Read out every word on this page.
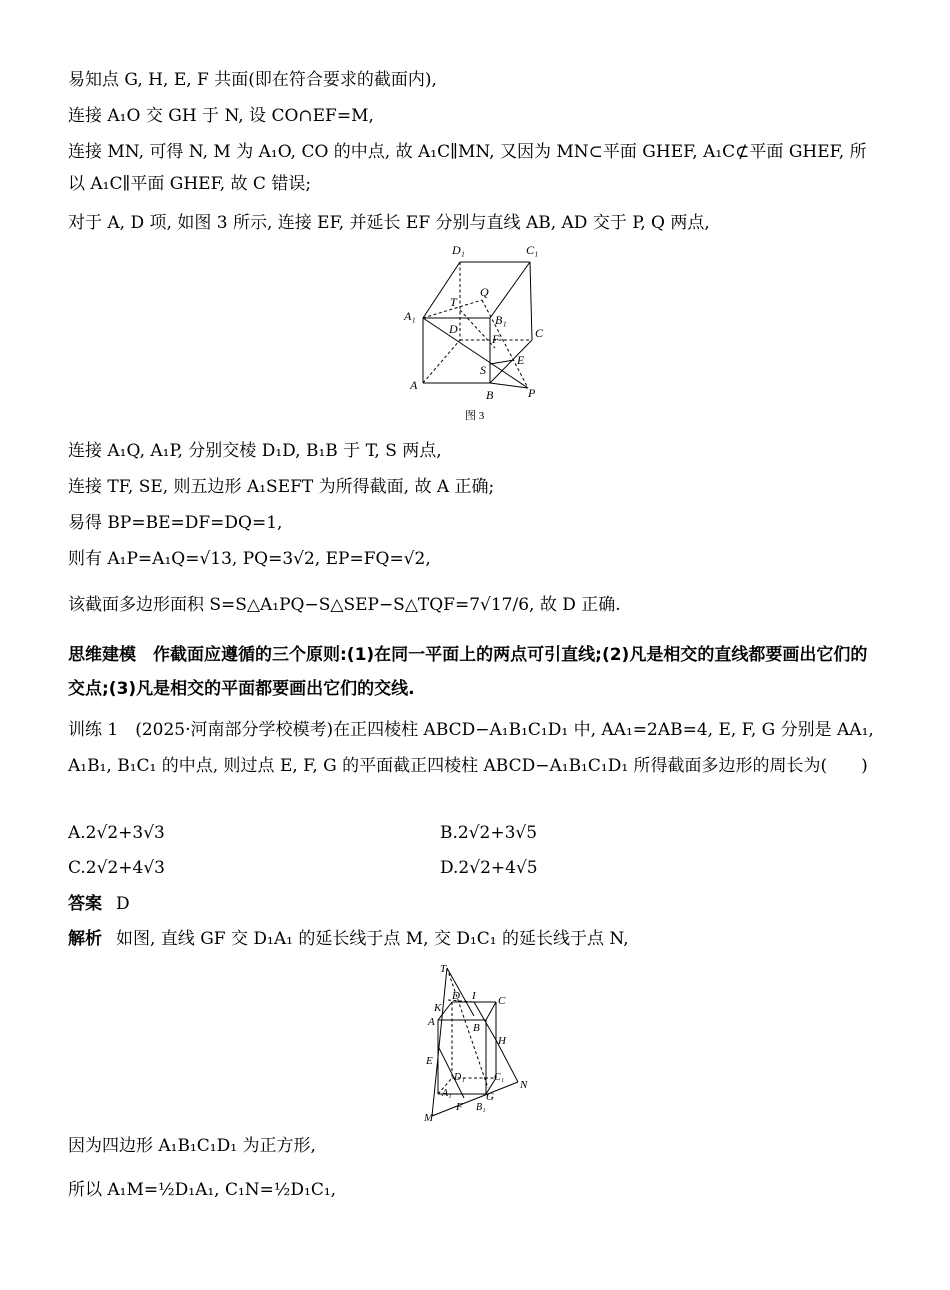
易知点 G, H, E, F 共面(即在符合要求的截面内),
连接 A₁O 交 GH 于 N, 设 CO∩EF=M,
连接 MN, 可得 N, M 为 A₁O, CO 的中点, 故 A₁C∥MN, 又因为 MN⊂平面 GHEF, A₁C⊄平面 GHEF, 所以 A₁C∥平面 GHEF, 故 C 错误;
对于 A, D 项, 如图 3 所示, 连接 EF, 并延长 EF 分别与直线 AB, AD 交于 P, Q 两点,
D₁	C₁
A₁	B₁
T
Q
D	C
F
E
S
A
B	P
图 3
连接 A₁Q, A₁P, 分别交棱 D₁D, B₁B 于 T, S 两点,
连接 TF, SE, 则五边形 A₁SEFT 为所得截面, 故 A 正确;
易得 BP=BE=DF=DQ=1,
则有 A₁P=A₁Q=√13, PQ=3√2, EP=FQ=√2,
该截面多边形面积 S=S△A₁PQ−S△SEP−S△TQF=7√17/6, 故 D 正确.
思维建模　作截面应遵循的三个原则:(1)在同一平面上的两点可引直线;(2)凡是相交的直线都要画出它们的交点;(3)凡是相交的平面都要画出它们的交线.
训练 1　(2025·河南部分学校模考)在正四棱柱 ABCD−A₁B₁C₁D₁ 中, AA₁=2AB=4, E, F, G 分别是 AA₁, A₁B₁, B₁C₁ 的中点, 则过点 E, F, G 的平面截正四棱柱 ABCD−A₁B₁C₁D₁ 所得截面多边形的周长为(　　)
A.2√2+3√3	B.2√2+3√5
C.2√2+4√3	D.2√2+4√5
答案 D
解析 如图, 直线 GF 交 D₁A₁ 的延长线于点 M, 交 D₁C₁ 的延长线于点 N,
T
K
D I C
A	B
H
E
D₁	C₁
N
A₁	G
F B₁
M
因为四边形 A₁B₁C₁D₁ 为正方形,
所以 A₁M=½D₁A₁, C₁N=½D₁C₁,
